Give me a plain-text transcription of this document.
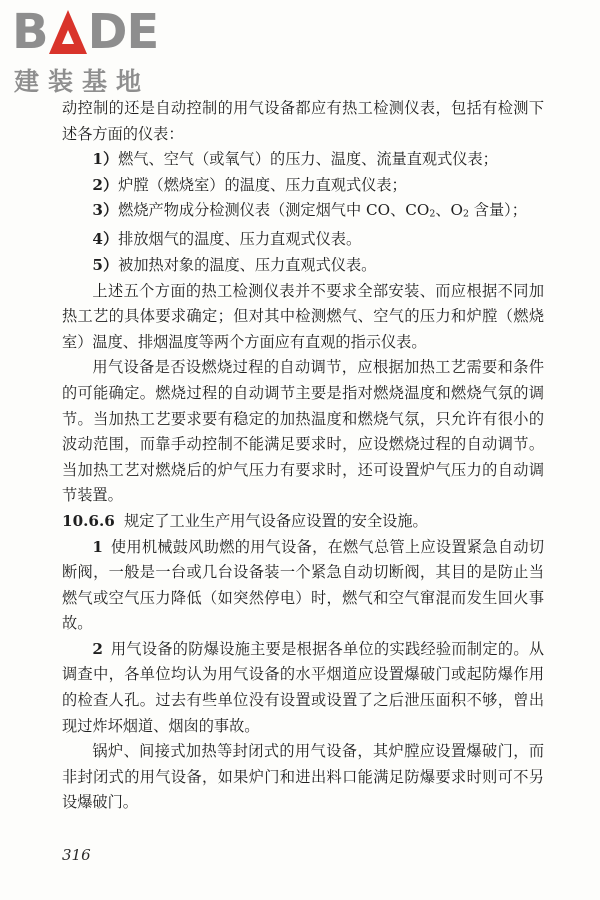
B DE
建装基地

动控制的还是自动控制的用气设备都应有热工检测仪表，包括有检测下述各方面的仪表：

1）燃气、空气（或氧气）的压力、温度、流量直观式仪表；

2）炉膛（燃烧室）的温度、压力直观式仪表；

3）燃烧产物成分检测仪表（测定烟气中 CO、CO2、O2 含量）；

4）排放烟气的温度、压力直观式仪表。

5）被加热对象的温度、压力直观式仪表。

上述五个方面的热工检测仪表并不要求全部安装、而应根据不同加热工艺的具体要求确定；但对其中检测燃气、空气的压力和炉膛（燃烧室）温度、排烟温度等两个方面应有直观的指示仪表。

用气设备是否设燃烧过程的自动调节，应根据加热工艺需要和条件的可能确定。燃烧过程的自动调节主要是指对燃烧温度和燃烧气氛的调节。当加热工艺要求要有稳定的加热温度和燃烧气氛，只允许有很小的波动范围，而靠手动控制不能满足要求时，应设燃烧过程的自动调节。当加热工艺对燃烧后的炉气压力有要求时，还可设置炉气压力的自动调节装置。

10.6.6 规定了工业生产用气设备应设置的安全设施。

1  使用机械鼓风助燃的用气设备，在燃气总管上应设置紧急自动切断阀，一般是一台或几台设备装一个紧急自动切断阀，其目的是防止当燃气或空气压力降低（如突然停电）时，燃气和空气窜混而发生回火事故。

2  用气设备的防爆设施主要是根据各单位的实践经验而制定的。从调查中，各单位均认为用气设备的水平烟道应设置爆破门或起防爆作用的检查人孔。过去有些单位没有设置或设置了之后泄压面积不够，曾出现过炸坏烟道、烟囱的事故。

锅炉、间接式加热等封闭式的用气设备，其炉膛应设置爆破门，而非封闭式的用气设备，如果炉门和进出料口能满足防爆要求时则可不另设爆破门。

316
